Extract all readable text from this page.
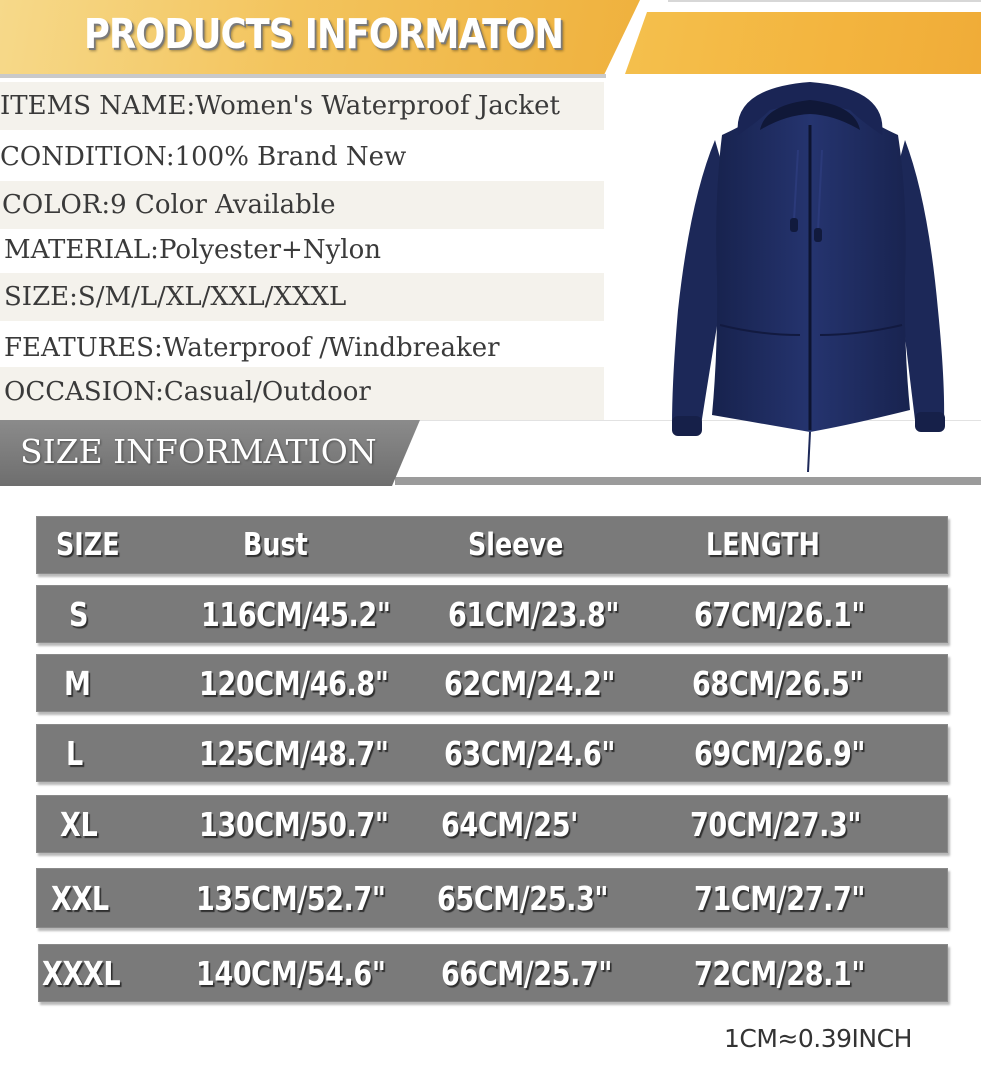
PRODUCTS INFORMATON
ITEMS NAME:Women's Waterproof Jacket
CONDITION:100% Brand New
COLOR:9 Color Available
MATERIAL:Polyester+Nylon
SIZE:S/M/L/XL/XXL/XXXL
FEATURES:Waterproof /Windbreaker
OCCASION:Casual/Outdoor
SIZE INFORMATION
SIZE	Bust	Sleeve	LENGTH
S	116CM/45.2" 61CM/23.8" 67CM/26.1"
M	120CM/46.8" 62CM/24.2" 68CM/26.5"
L	125CM/48.7" 63CM/24.6" 69CM/26.9"
XL	130CM/50.7" 64CM/25'	70CM/27.3"
XXL	135CM/52.7" 65CM/25.3"	71CM/27.7"
XXXL 140CM/54.6" 66CM/25.7" 72CM/28.1"
1CM≈0.39INCH
